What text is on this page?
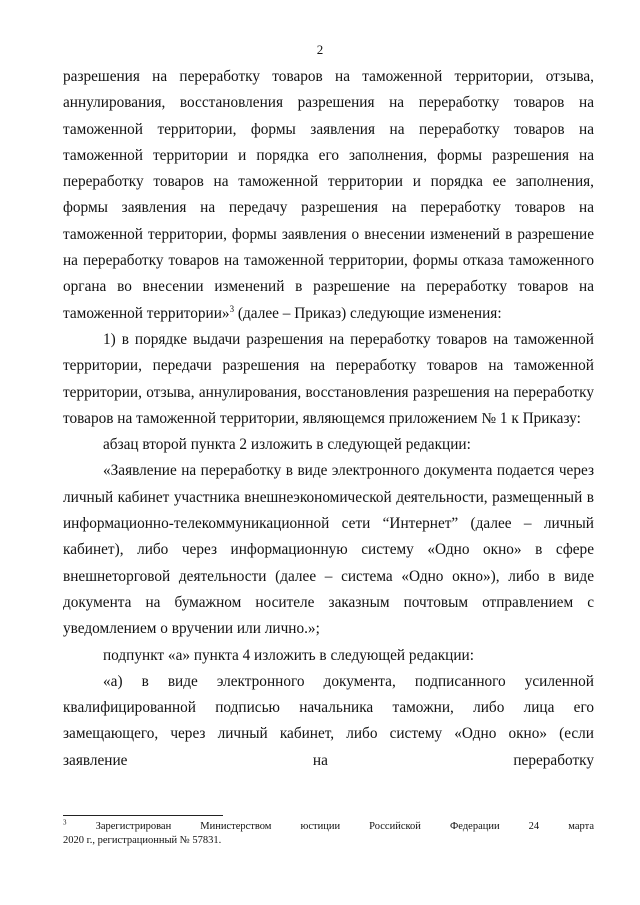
2

разрешения на переработку товаров на таможенной территории, отзыва, аннулирования, восстановления разрешения на переработку товаров на таможенной территории, формы заявления на переработку товаров на таможенной территории и порядка его заполнения, формы разрешения на переработку товаров на таможенной территории и порядка ее заполнения, формы заявления на передачу разрешения на переработку товаров на таможенной территории, формы заявления о внесении изменений в разрешение на переработку товаров на таможенной территории, формы отказа таможенного органа во внесении изменений в разрешение на переработку товаров на таможенной территории»$^3$ (далее – Приказ) следующие изменения:

1) в порядке выдачи разрешения на переработку товаров на таможенной территории, передачи разрешения на переработку товаров на таможенной территории, отзыва, аннулирования, восстановления разрешения на переработку товаров на таможенной территории, являющемся приложением № 1 к Приказу:

абзац второй пункта 2 изложить в следующей редакции:

«Заявление на переработку в виде электронного документа подается через личный кабинет участника внешнеэкономической деятельности, размещенный в информационно-телекоммуникационной сети “Интернет” (далее – личный кабинет), либо через информационную систему «Одно окно» в сфере внешнеторговой деятельности (далее – система «Одно окно»), либо в виде документа на бумажном носителе заказным почтовым отправлением с уведомлением о вручении или лично.»;

подпункт «а» пункта 4 изложить в следующей редакции:

«а) в виде электронного документа, подписанного усиленной квалифицированной подписью начальника таможни, либо лица его замещающего, через личный кабинет, либо систему «Одно окно» (если заявление на переработку

$^3$ Зарегистрирован Министерством юстиции Российской Федерации 24 марта
2020 г., регистрационный № 57831.
